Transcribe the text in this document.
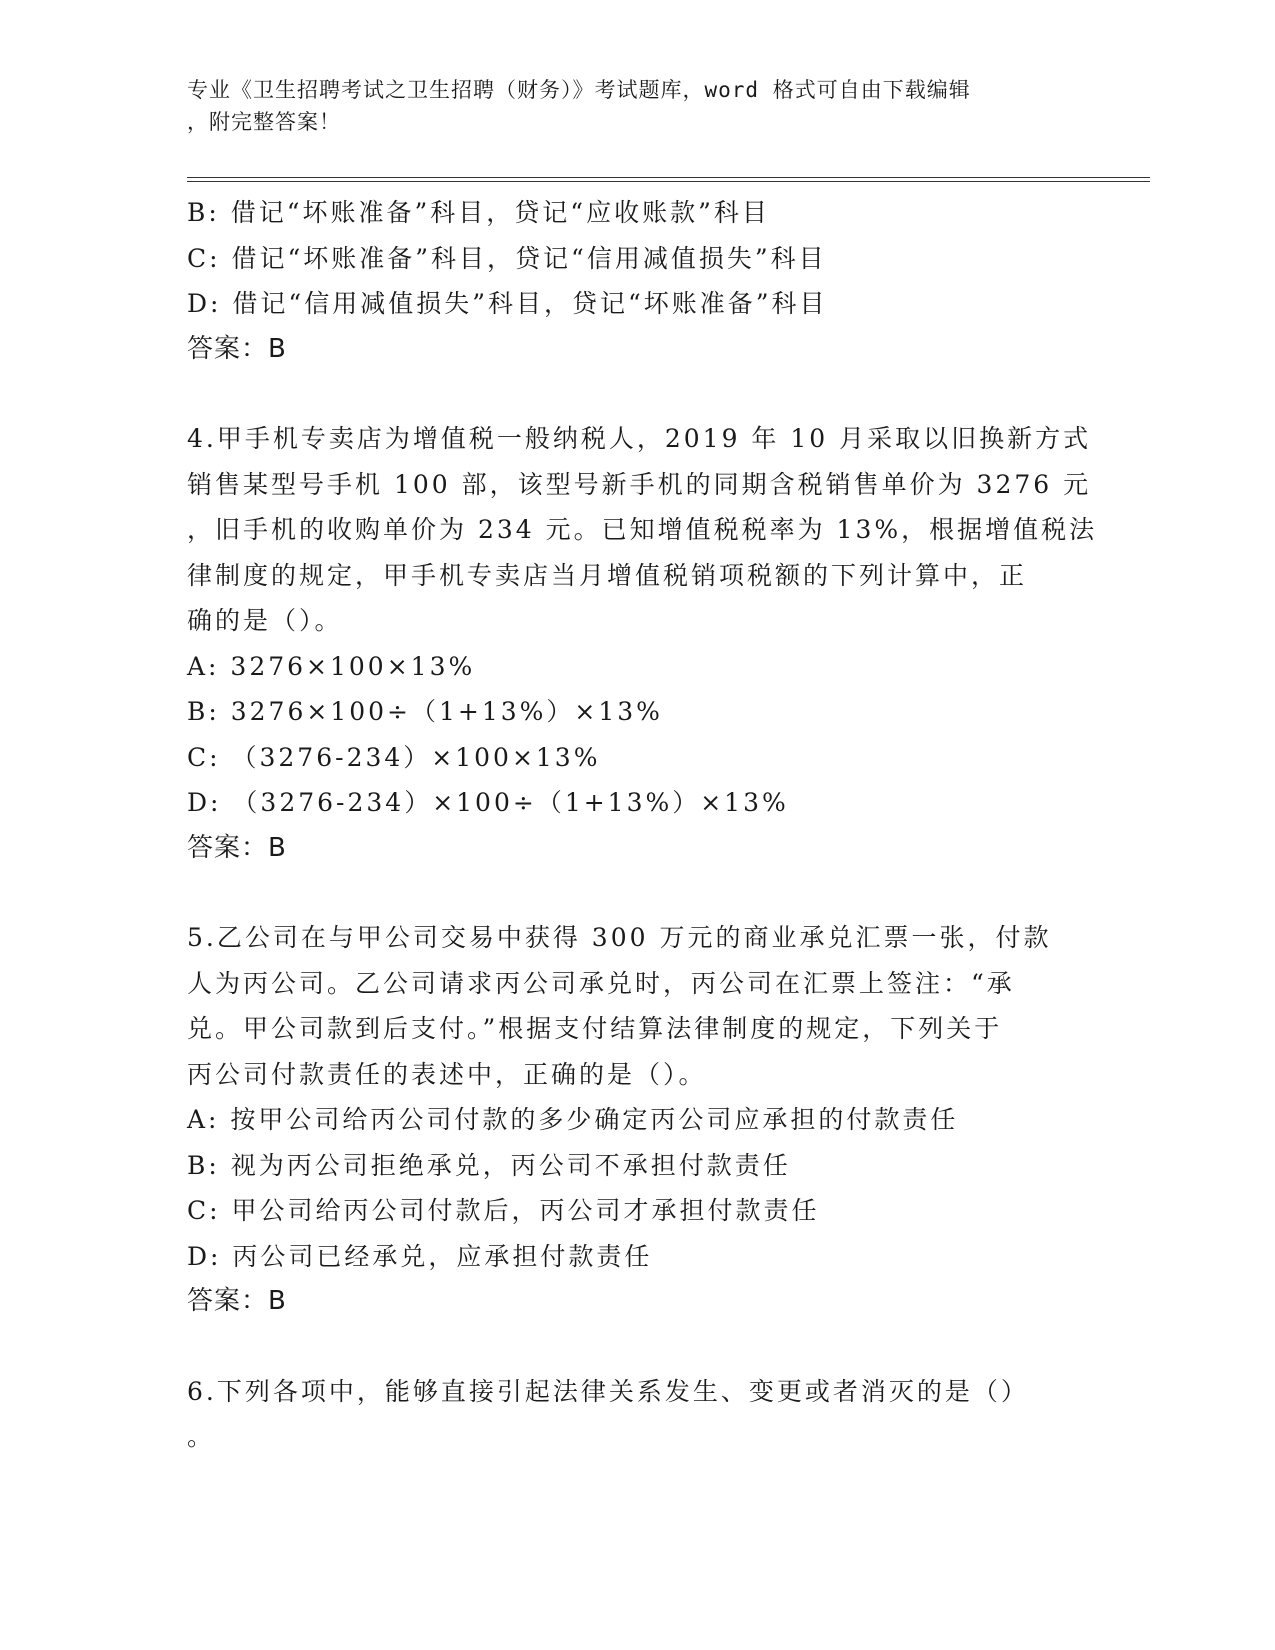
专业《卫生招聘考试之卫生招聘（财务）》考试题库，word 格式可自由下载编辑
，附完整答案！
B: 借记“坏账准备”科目，贷记“应收账款”科目
C: 借记“坏账准备”科目，贷记“信用减值损失”科目
D: 借记“信用减值损失”科目，贷记“坏账准备”科目
答案：B
4.甲手机专卖店为增值税一般纳税人，2019 年 10 月采取以旧换新方式
销售某型号手机 100 部，该型号新手机的同期含税销售单价为 3276 元
，旧手机的收购单价为 234 元。已知增值税税率为 13%，根据增值税法
律制度的规定，甲手机专卖店当月增值税销项税额的下列计算中，正
确的是（）。
A: 3276×100×13%
B: 3276×100÷（1+13%）×13%
C: （3276-234）×100×13%
D: （3276-234）×100÷（1+13%）×13%
答案：B
5.乙公司在与甲公司交易中获得 300 万元的商业承兑汇票一张，付款
人为丙公司。乙公司请求丙公司承兑时，丙公司在汇票上签注：“承
兑。甲公司款到后支付。”根据支付结算法律制度的规定，下列关于
丙公司付款责任的表述中，正确的是（）。
A: 按甲公司给丙公司付款的多少确定丙公司应承担的付款责任
B: 视为丙公司拒绝承兑，丙公司不承担付款责任
C: 甲公司给丙公司付款后，丙公司才承担付款责任
D: 丙公司已经承兑，应承担付款责任
答案：B
6.下列各项中，能够直接引起法律关系发生、变更或者消灭的是（）
。
